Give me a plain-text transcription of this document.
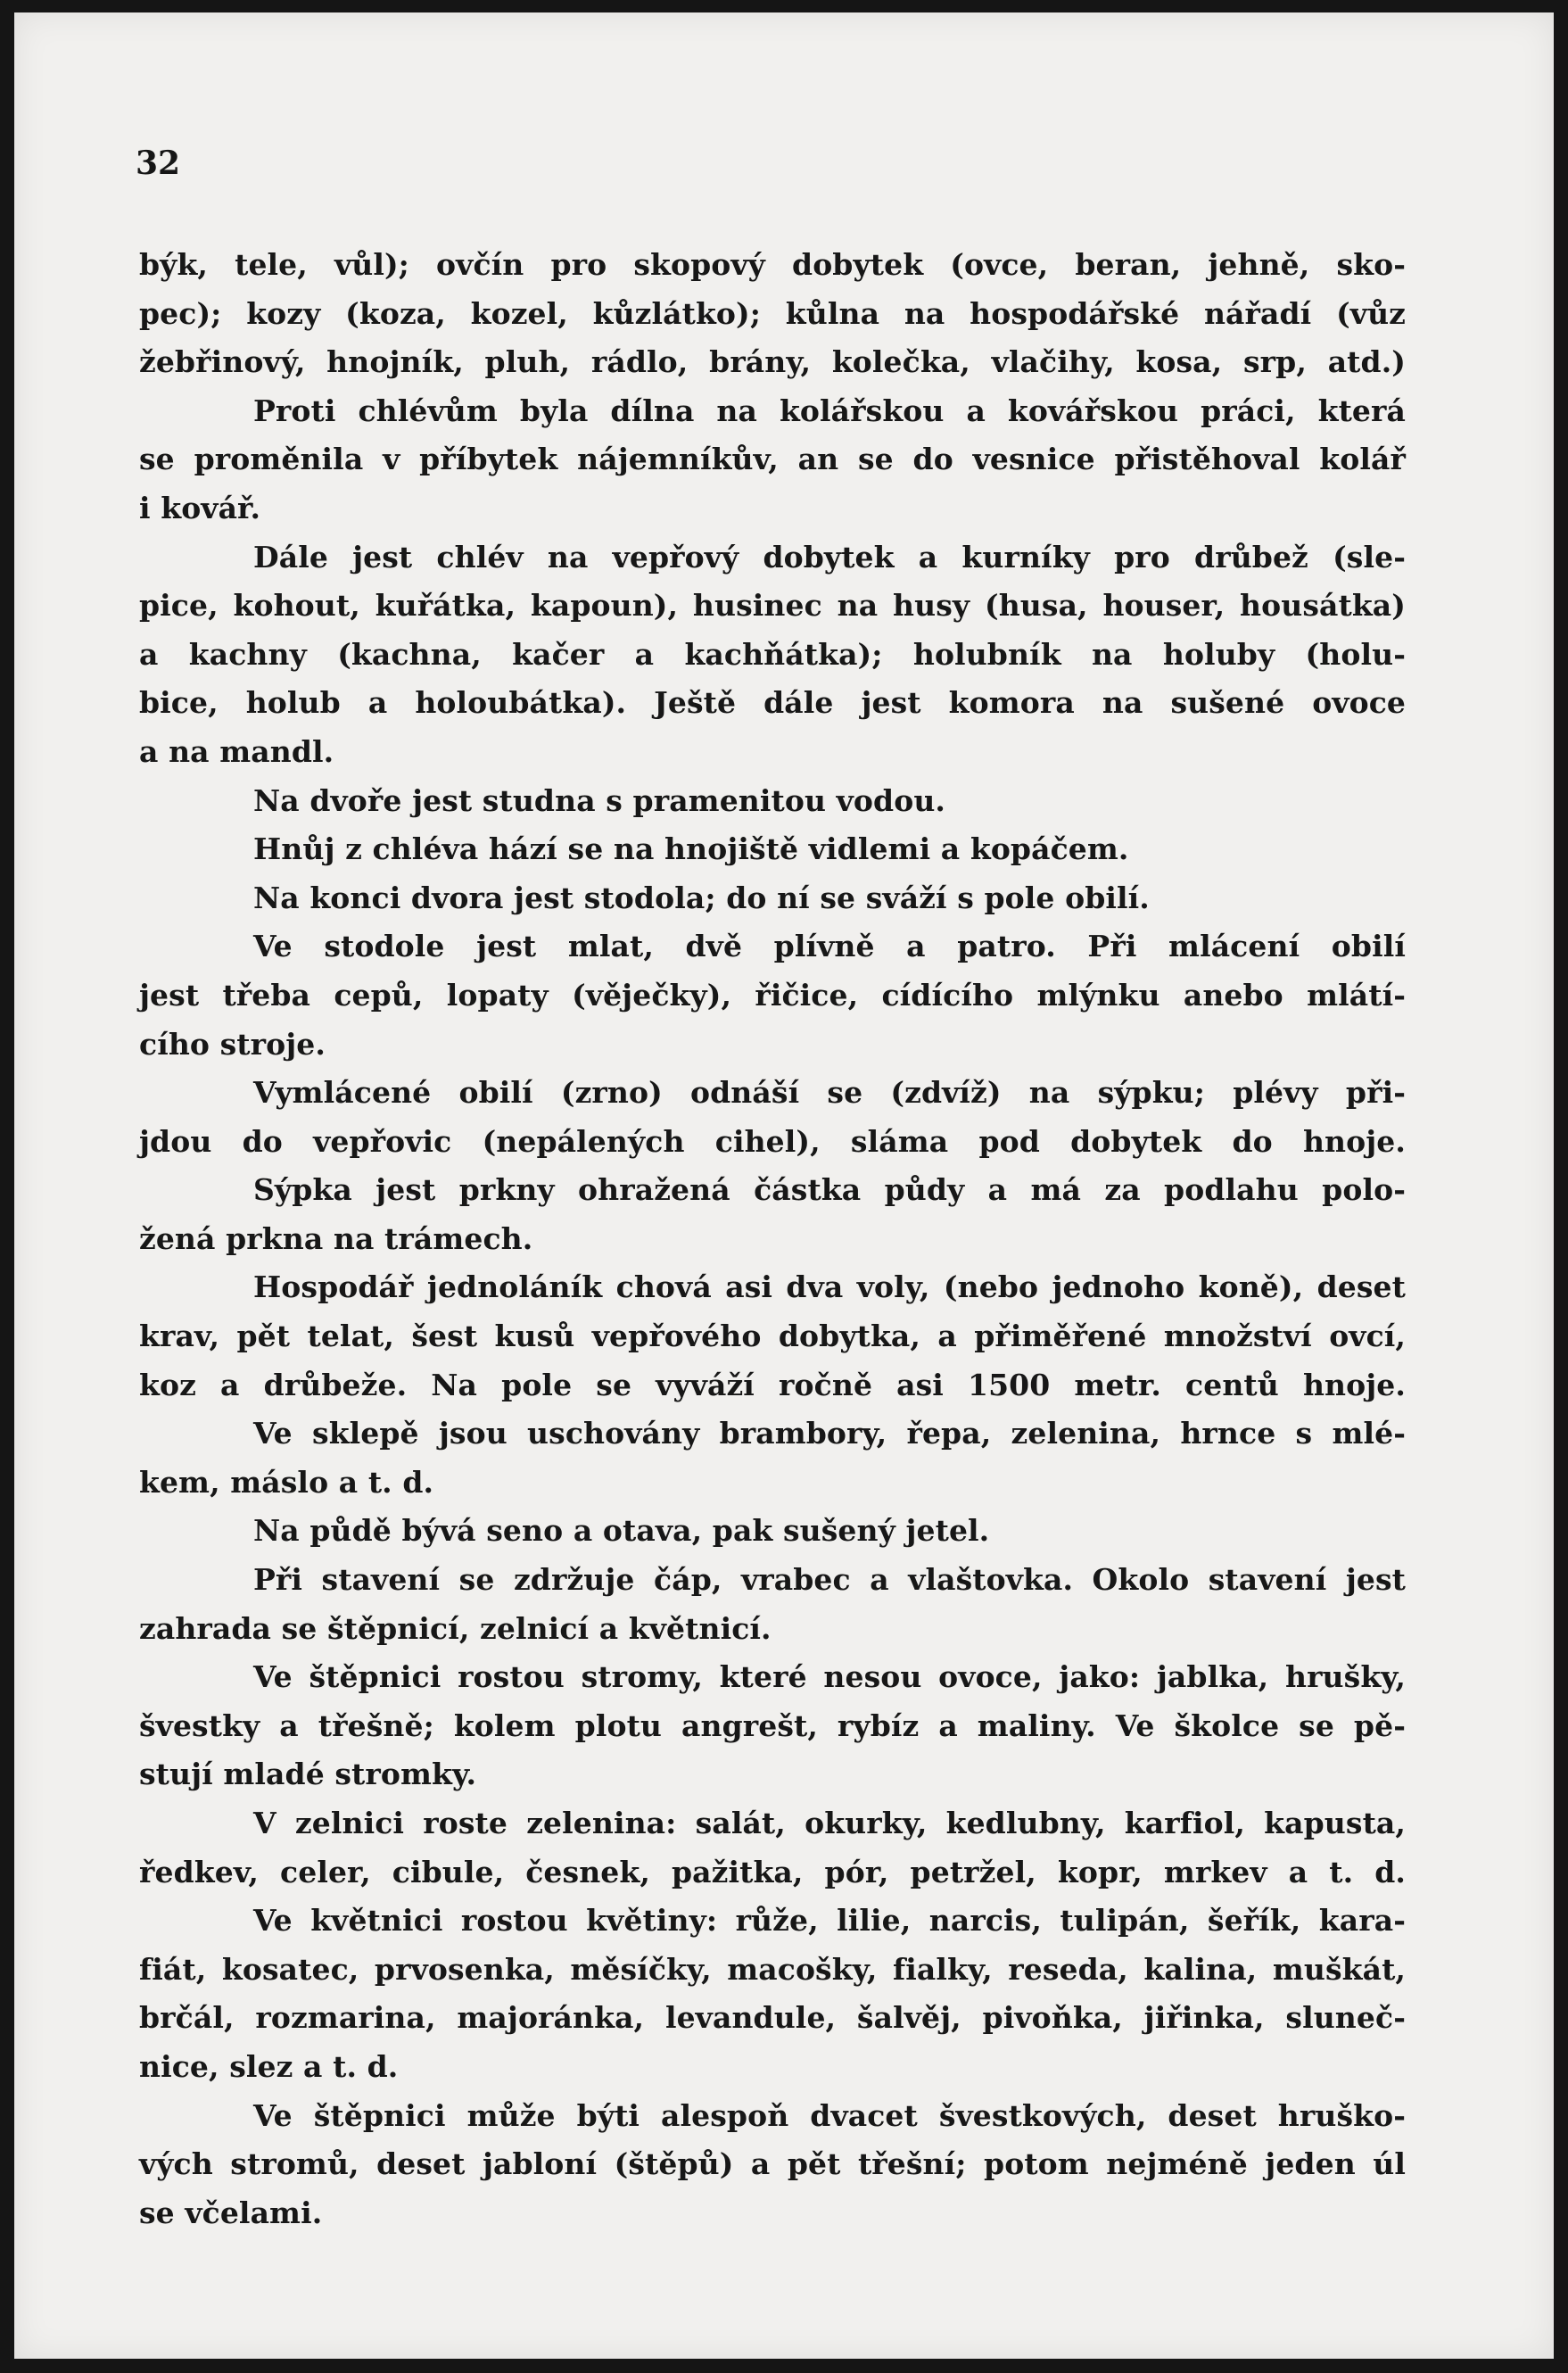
32
býk, tele, vůl); ovčín pro skopový dobytek (ovce, beran, jehně, sko-
pec); kozy (koza, kozel, kůzlátko); kůlna na hospodářské nářadí (vůz
žebřinový, hnojník, pluh, rádlo, brány, kolečka, vlačihy, kosa, srp, atd.)
Proti chlévům byla dílna na kolářskou a kovářskou práci, která
se proměnila v příbytek nájemníkův, an se do vesnice přistěhoval kolář
i kovář.
Dále jest chlév na vepřový dobytek a kurníky pro drůbež (sle-
pice, kohout, kuřátka, kapoun), husinec na husy (husa, houser, housátka)
a kachny (kachna, kačer a kachňátka); holubník na holuby (holu-
bice, holub a holoubátka). Ještě dále jest komora na sušené ovoce
a na mandl.
Na dvoře jest studna s pramenitou vodou.
Hnůj z chléva hází se na hnojiště vidlemi a kopáčem.
Na konci dvora jest stodola; do ní se sváží s pole obilí.
Ve stodole jest mlat, dvě plívně a patro. Při mlácení obilí
jest třeba cepů, lopaty (věječky), řičice, cídícího mlýnku anebo mlátí-
cího stroje.
Vymlácené obilí (zrno) odnáší se (zdvíž) na sýpku; plévy při-
jdou do vepřovic (nepálených cihel), sláma pod dobytek do hnoje.
Sýpka jest prkny ohražená částka půdy a má za podlahu polo-
žená prkna na trámech.
Hospodář jednoláník chová asi dva voly, (nebo jednoho koně), deset
krav, pět telat, šest kusů vepřového dobytka, a přiměřené množství ovcí,
koz a drůbeže. Na pole se vyváží ročně asi 1500 metr. centů hnoje.
Ve sklepě jsou uschovány brambory, řepa, zelenina, hrnce s mlé-
kem, máslo a t. d.
Na půdě bývá seno a otava, pak sušený jetel.
Při stavení se zdržuje čáp, vrabec a vlaštovka. Okolo stavení jest
zahrada se štěpnicí, zelnicí a květnicí.
Ve štěpnici rostou stromy, které nesou ovoce, jako: jablka, hrušky,
švestky a třešně; kolem plotu angrešt, rybíz a maliny. Ve školce se pě-
stují mladé stromky.
V zelnici roste zelenina: salát, okurky, kedlubny, karfiol, kapusta,
ředkev, celer, cibule, česnek, pažitka, pór, petržel, kopr, mrkev a t. d.
Ve květnici rostou květiny: růže, lilie, narcis, tulipán, šeřík, kara-
fiát, kosatec, prvosenka, měsíčky, macošky, fialky, reseda, kalina, muškát,
brčál, rozmarina, majoránka, levandule, šalvěj, pivoňka, jiřinka, sluneč-
nice, slez a t. d.
Ve štěpnici může býti alespoň dvacet švestkových, deset hruško-
vých stromů, deset jabloní (štěpů) a pět třešní; potom nejméně jeden úl
se včelami.
